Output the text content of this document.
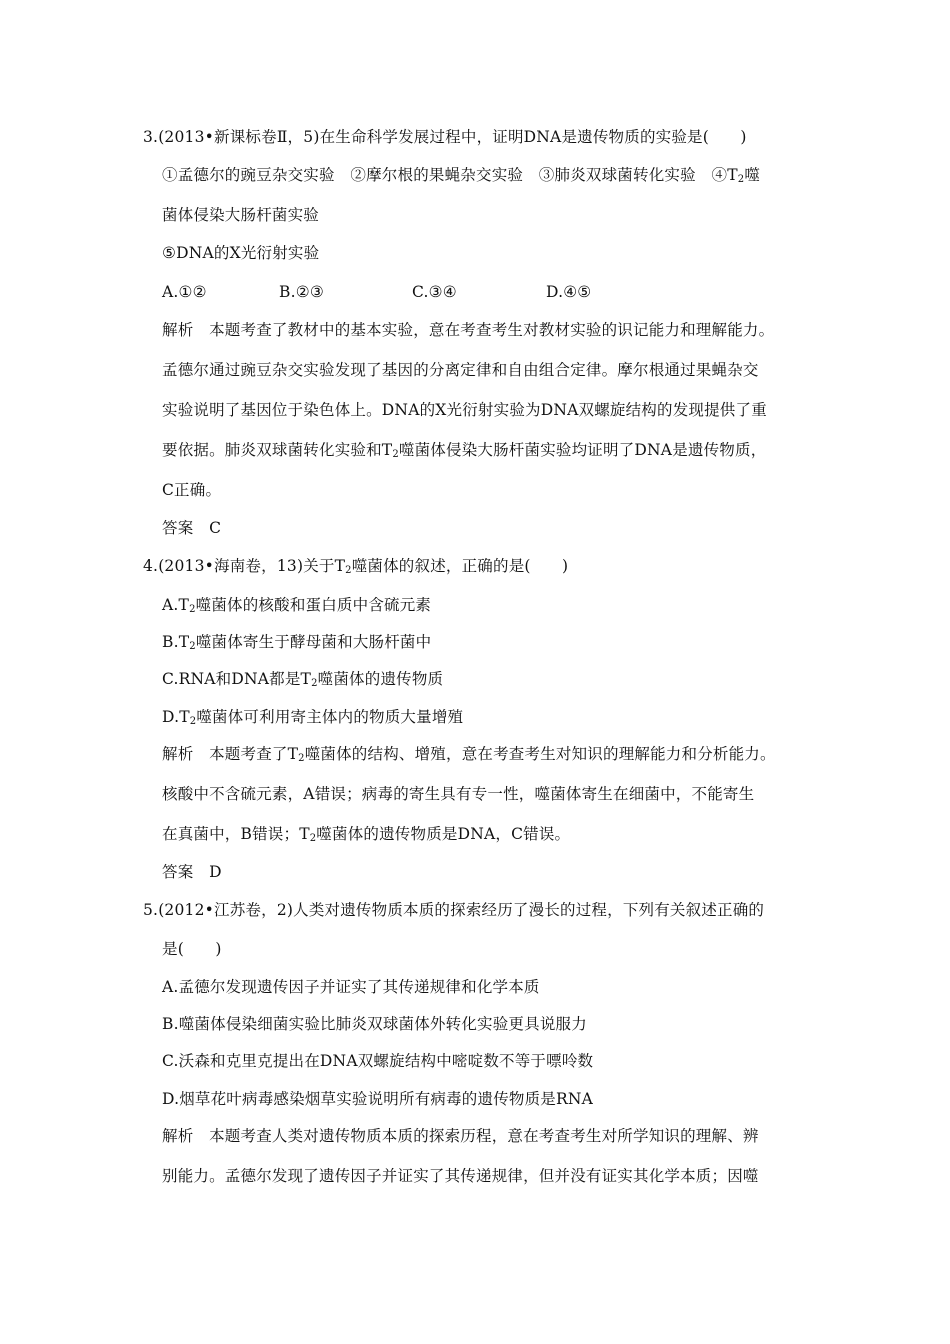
3.(2013•新课标卷Ⅱ，5)在生命科学发展过程中，证明DNA是遗传物质的实验是(　　)
①孟德尔的豌豆杂交实验　②摩尔根的果蝇杂交实验　③肺炎双球菌转化实验　$④T_2$噬
菌体侵染大肠杆菌实验
⑤DNA的X光衍射实验
A.①②	B.②③	C.③④	D.④⑤
解析　本题考查了教材中的基本实验，意在考查考生对教材实验的识记能力和理解能力。
孟德尔通过豌豆杂交实验发现了基因的分离定律和自由组合定律。摩尔根通过果蝇杂交
实验说明了基因位于染色体上。DNA的X光衍射实验为DNA双螺旋结构的发现提供了重
要依据。肺炎双球菌转化实验和$T_2$噬菌体侵染大肠杆菌实验均证明了DNA是遗传物质，
C正确。
答案　C
4.(2013•海南卷，13)关于$T_2$噬菌体的叙述，正确的是(　　)
$A.T_2$噬菌体的核酸和蛋白质中含硫元素
$B.T_2$噬菌体寄生于酵母菌和大肠杆菌中
C.RNA和DNA都是$T_2$噬菌体的遗传物质
$D.T_2$噬菌体可利用寄主体内的物质大量增殖
解析　本题考查了$T_2$噬菌体的结构、增殖，意在考查考生对知识的理解能力和分析能力。
核酸中不含硫元素，A错误；病毒的寄生具有专一性，噬菌体寄生在细菌中，不能寄生
在真菌中，B错误；$T_2$噬菌体的遗传物质是DNA，C错误。
答案　D
5.(2012•江苏卷，2)人类对遗传物质本质的探索经历了漫长的过程，下列有关叙述正确的
是(　　)
A.孟德尔发现遗传因子并证实了其传递规律和化学本质
B.噬菌体侵染细菌实验比肺炎双球菌体外转化实验更具说服力
C.沃森和克里克提出在DNA双螺旋结构中嘧啶数不等于嘌呤数
D.烟草花叶病毒感染烟草实验说明所有病毒的遗传物质是RNA
解析　本题考查人类对遗传物质本质的探索历程，意在考查考生对所学知识的理解、辨
别能力。孟德尔发现了遗传因子并证实了其传递规律，但并没有证实其化学本质；因噬
